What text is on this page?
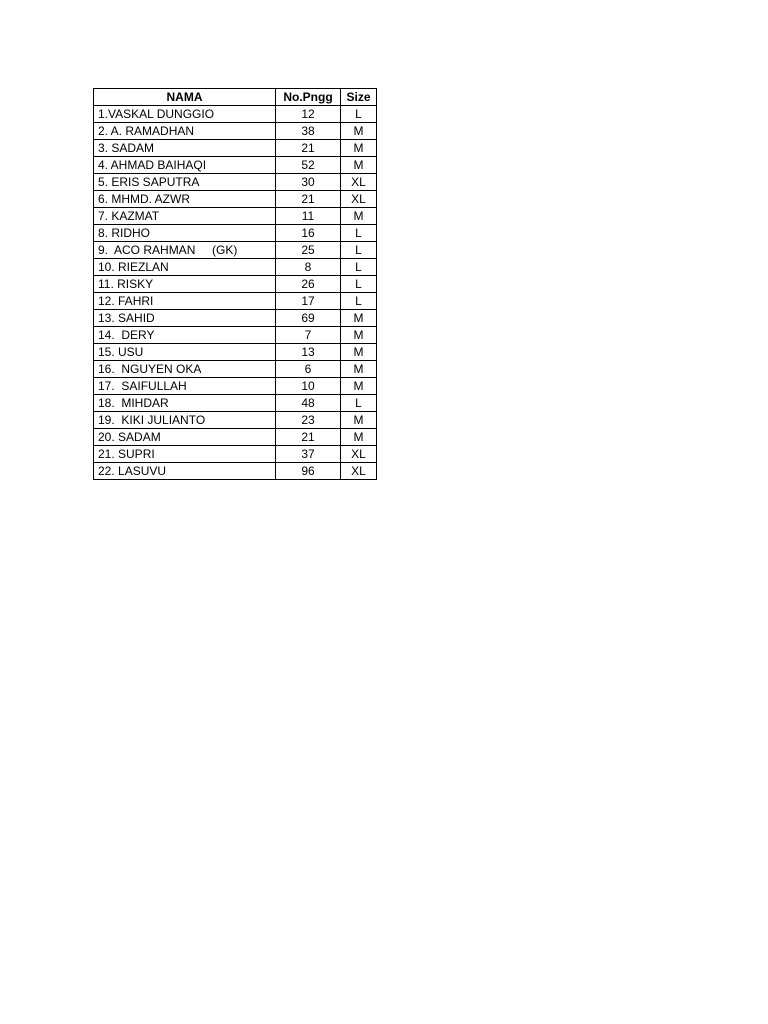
NAMA	No.Pngg	Size
1.VASKAL DUNGGIO	12	L
2. A. RAMADHAN	38	M
3. SADAM	21	M
4. AHMAD BAIHAQI	52	M
5. ERIS SAPUTRA	30	XL
6. MHMD. AZWR	21	XL
7. KAZMAT	11	M
8. RIDHO	16	L
9.  ACO RAHMAN     (GK)	25	L
10. RIEZLAN	8	L
11. RISKY	26	L
12. FAHRI	17	L
13. SAHID	69	M
14.  DERY	7	M
15. USU	13	M
16.  NGUYEN OKA	6	M
17.  SAIFULLAH	10	M
18.  MIHDAR	48	L
19.  KIKI JULIANTO	23	M
20. SADAM	21	M
21. SUPRI	37	XL
22. LASUVU	96	XL
